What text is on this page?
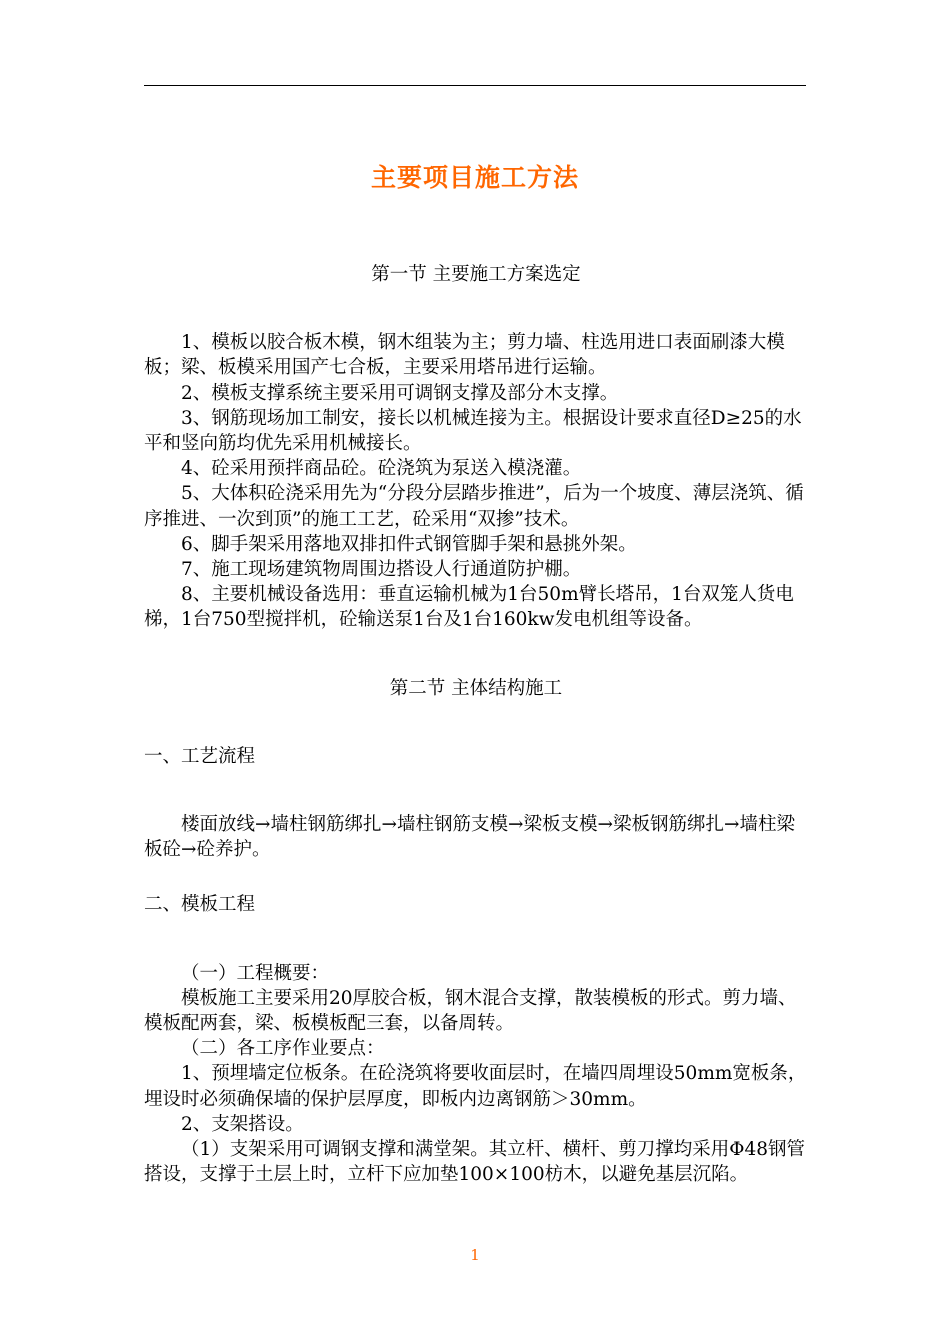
主要项目施工方法

第一节 主要施工方案选定

1、模板以胶合板木模，钢木组装为主；剪力墙、柱选用进口表面刷漆大模板；梁、板模采用国产七合板，主要采用塔吊进行运输。

2、模板支撑系统主要采用可调钢支撑及部分木支撑。

3、钢筋现场加工制安，接长以机械连接为主。根据设计要求直径D≥25的水平和竖向筋均优先采用机械接长。

4、砼采用预拌商品砼。砼浇筑为泵送入模浇灌。

5、大体积砼浇采用先为“分段分层踏步推进”，后为一个坡度、薄层浇筑、循序推进、一次到顶”的施工工艺，砼采用“双掺”技术。

6、脚手架采用落地双排扣件式钢管脚手架和悬挑外架。

7、施工现场建筑物周围边搭设人行通道防护棚。

8、主要机械设备选用：垂直运输机械为1台50m臂长塔吊，1台双笼人货电梯，1台750型搅拌机，砼输送泵1台及1台160kw发电机组等设备。

第二节 主体结构施工

一、工艺流程

楼面放线→墙柱钢筋绑扎→墙柱钢筋支模→梁板支模→梁板钢筋绑扎→墙柱梁板砼→砼养护。

二、模板工程

（一）工程概要：

模板施工主要采用20厚胶合板，钢木混合支撑，散装模板的形式。剪力墙、模板配两套，梁、板模板配三套，以备周转。

（二）各工序作业要点：

1、预埋墙定位板条。在砼浇筑将要收面层时，在墙四周埋设50mm宽板条，埋设时必须确保墙的保护层厚度，即板内边离钢筋＞30mm。

2、支架搭设。

（1）支架采用可调钢支撑和满堂架。其立杆、横杆、剪刀撑均采用Φ48钢管搭设，支撑于土层上时，立杆下应加垫100×100枋木，以避免基层沉陷。

1
